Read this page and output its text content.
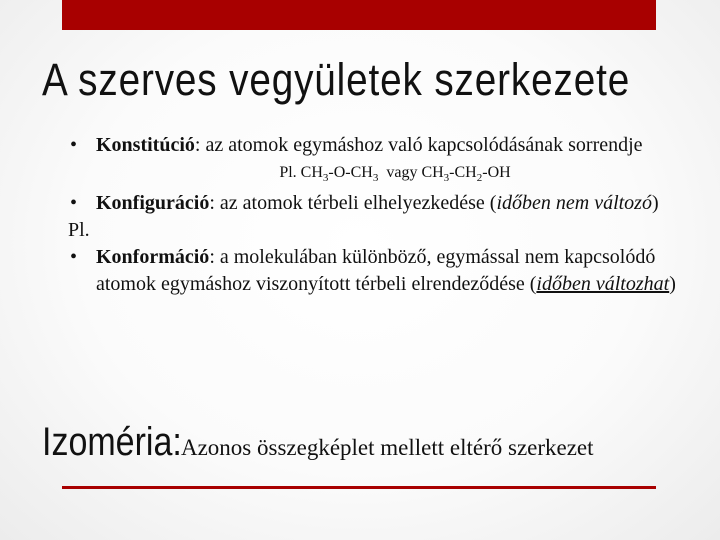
A szerves vegyületek szerkezete
• Konstitúció: az atomok egymáshoz való kapcsolódásának sorrendje
Pl. $CH_3-O-CH_3$  vagy $CH_3-CH_2-OH$
• Konfiguráció: az atomok térbeli elhelyezkedése (időben nem változó)
Pl.
• Konformáció: a molekulában különböző, egymással nem kapcsolódó atomok egymáshoz viszonyított térbeli elrendeződése (időben változhat)
Izoméria: Azonos összegképlet mellett eltérő szerkezet
